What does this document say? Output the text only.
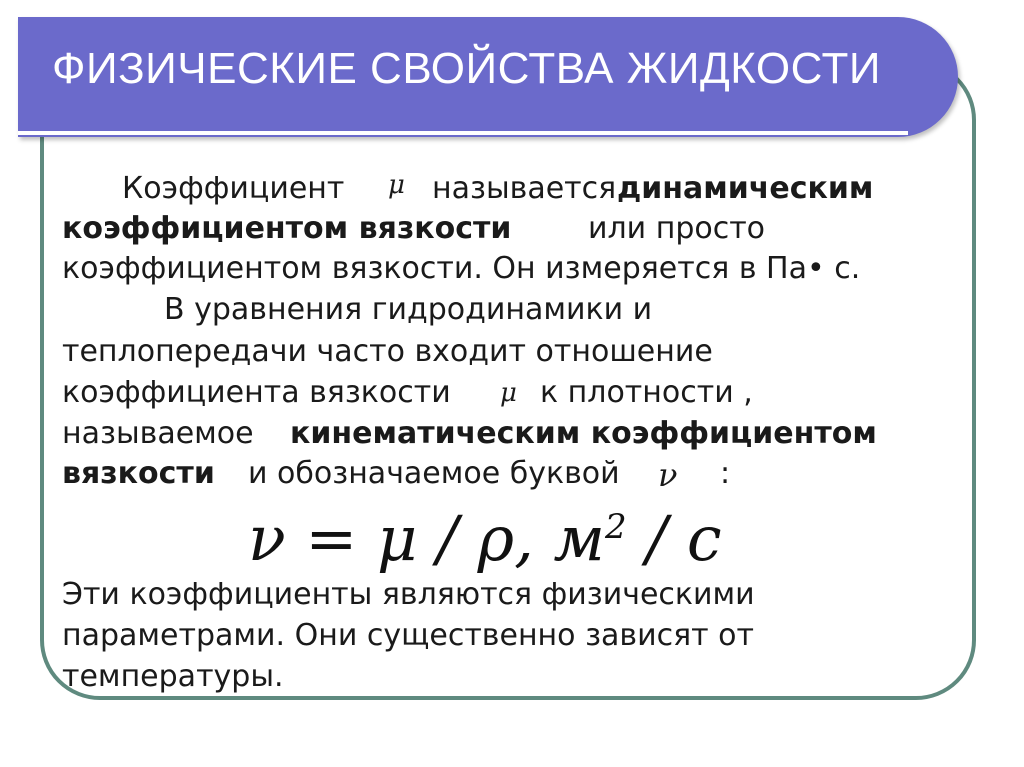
ФИЗИЧЕСКИЕ СВОЙСТВА ЖИДКОСТИ
Коэффициент μ называется динамическим
коэффициентом вязкости	или просто
коэффициентом вязкости. Он измеряется в Па• с.
В уравнения гидродинамики и
теплопередачи часто входит отношение
коэффициента вязкости μ к плотности ,
называемое кинематическим коэффициентом
вязкости и обозначаемое буквой ν :
ν = μ / ρ, $м^2$ / с
Эти коэффициенты являются физическими
параметрами. Они существенно зависят от
температуры.
